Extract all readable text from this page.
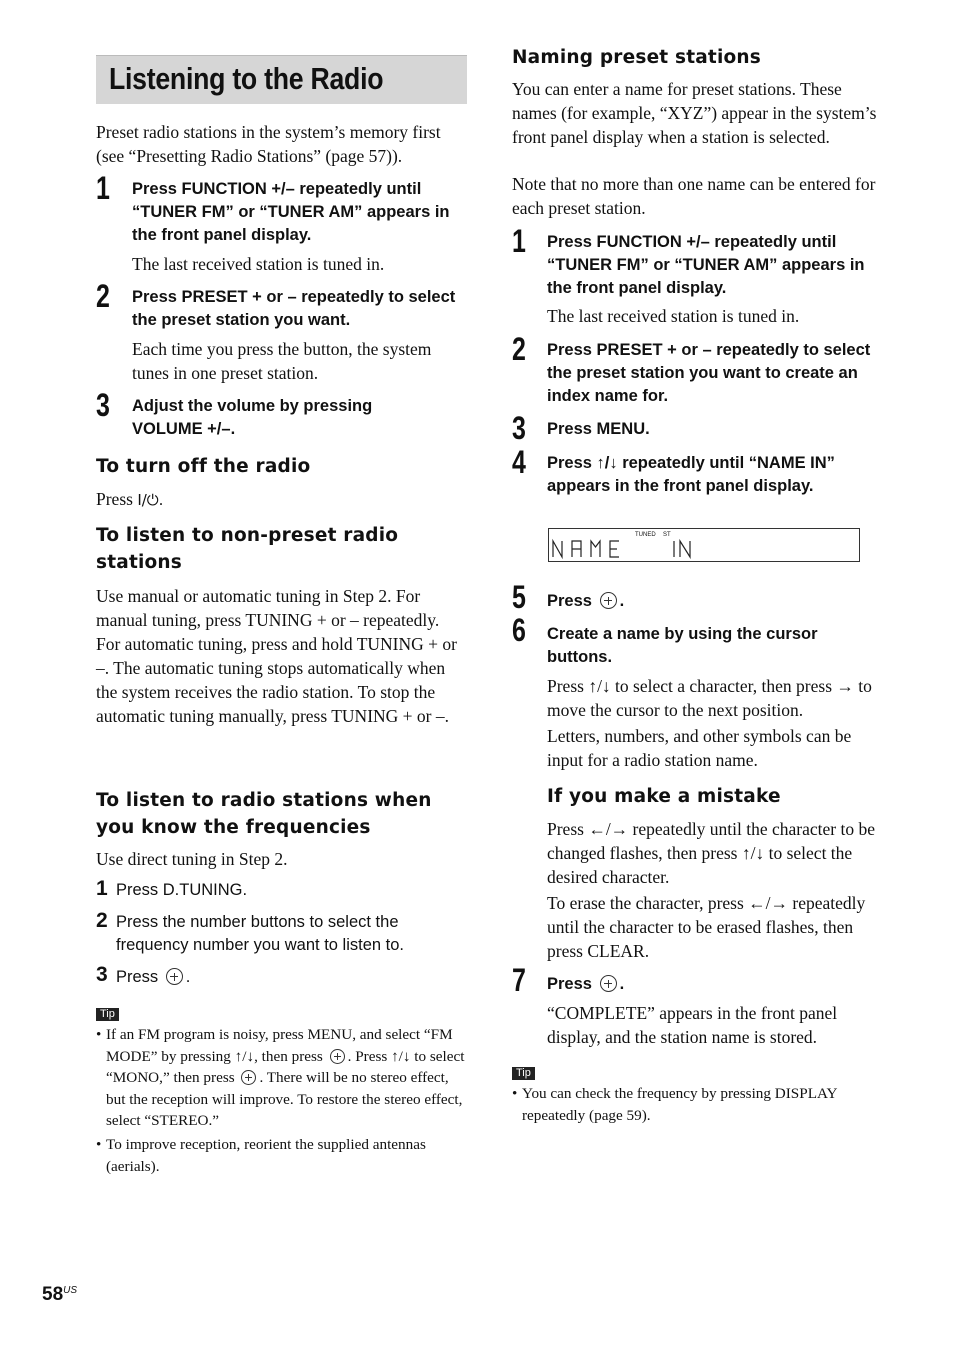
Listening to the Radio
Preset radio stations in the system’s memory first (see “Presetting Radio Stations” (page 57)).
1 Press FUNCTION +/– repeatedly until “TUNER FM” or “TUNER AM” appears in the front panel display.
The last received station is tuned in.
2 Press PRESET + or – repeatedly to select the preset station you want.
Each time you press the button, the system tunes in one preset station.
3 Adjust the volume by pressing VOLUME +/–.
To turn off the radio
Press I/⏻.
To listen to non-preset radio stations
Use manual or automatic tuning in Step 2. For manual tuning, press TUNING + or – repeatedly. For automatic tuning, press and hold TUNING + or –. The automatic tuning stops automatically when the system receives the radio station. To stop the automatic tuning manually, press TUNING + or –.
To listen to radio stations when you know the frequencies
Use direct tuning in Step 2.
1 Press D.TUNING.
2 Press the number buttons to select the frequency number you want to listen to.
3 Press .
Tip
• If an FM program is noisy, press MENU, and select “FM MODE” by pressing ↑/↓, then press . Press ↑/↓ to select “MONO,” then press . There will be no stereo effect, but the reception will improve. To restore the stereo effect, select “STEREO.”
• To improve reception, reorient the supplied antennas (aerials).
Naming preset stations
You can enter a name for preset stations. These names (for example, “XYZ”) appear in the system’s front panel display when a station is selected.
Note that no more than one name can be entered for each preset station.
1 Press FUNCTION +/– repeatedly until “TUNER FM” or “TUNER AM” appears in the front panel display.
The last received station is tuned in.
2 Press PRESET + or – repeatedly to select the preset station you want to create an index name for.
3 Press MENU.
4 Press ↑/↓ repeatedly until “NAME IN” appears in the front panel display.
TUNED ST
5 Press .
6 Create a name by using the cursor buttons.
Press ↑/↓ to select a character, then press → to move the cursor to the next position.
Letters, numbers, and other symbols can be input for a radio station name.
If you make a mistake
Press ←/→ repeatedly until the character to be changed flashes, then press ↑/↓ to select the desired character.
To erase the character, press ←/→ repeatedly until the character to be erased flashes, then press CLEAR.
7 Press .
“COMPLETE” appears in the front panel display, and the station name is stored.
Tip
• You can check the frequency by pressing DISPLAY repeatedly (page 59).
$58^{US}$
